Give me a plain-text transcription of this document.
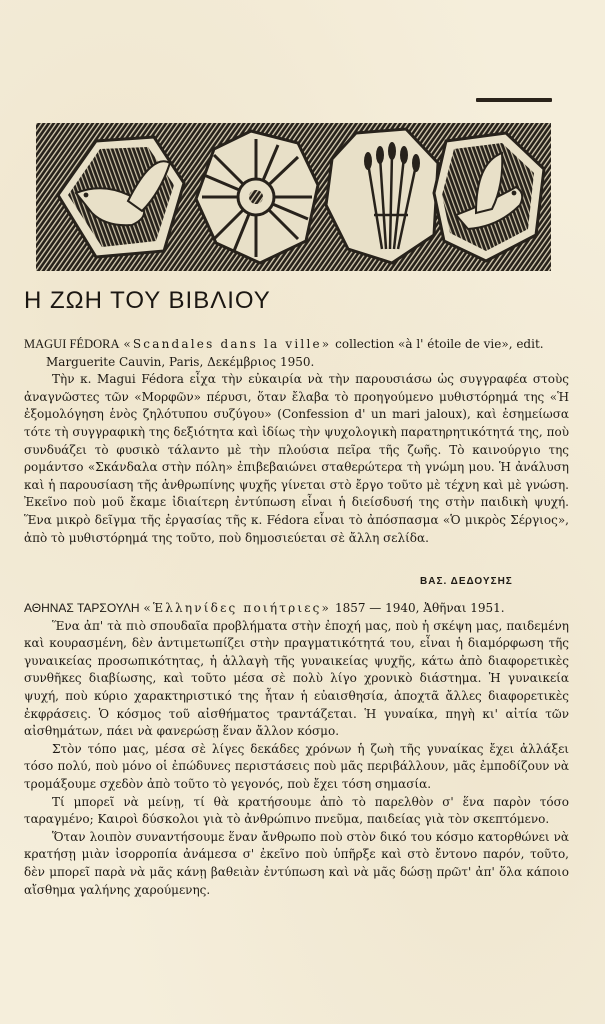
Η ΖΩΗ ΤΟΥ ΒΙΒΛΙΟΥ

MAGUI FÉDORA «Scandales dans la ville» collection «à l' étoile de vie», edit. Marguerite Cauvin, Paris, Δεκέμβριος 1950.

Τὴν κ. Magui Fédora εἶχα τὴν εὐκαιρία νὰ τὴν παρουσιάσω ὡς συγγραφέα στοὺς ἀναγνῶστες τῶν «Μορφῶν» πέρυσι, ὅταν ἔλαβα τὸ προηγούμενο μυθιστόρημά της «Ἡ ἐξομολόγηση ἑνὸς ζηλότυπου συζύγου» (Confession d' un mari jaloux), καὶ ἐσημείωσα τότε τὴ συγγραφικὴ της δεξιότητα καὶ ἰδίως τὴν ψυχολογικὴ παρατηρητικότητά της, ποὺ συνδυάζει τὸ φυσικὸ τάλαντο μὲ τὴν πλούσια πεῖρα τῆς ζωῆς. Τὸ καινούργιο της ρομάντσο «Σκάνδαλα στὴν πόλη» ἐπιβεβαιώνει σταθερώτερα τὴ γνώμη μου. Ἡ ἀνάλυση καὶ ἡ παρουσίαση τῆς ἀνθρωπίνης ψυχῆς γίνεται στὸ ἔργο τοῦτο μὲ τέχνη καὶ μὲ γνώση. Ἐκεῖνο ποὺ μοῦ ἔκαμε ἰδιαίτερη ἐντύπωση εἶναι ἡ διείσδυσή της στὴν παιδικὴ ψυχή. Ἕνα μικρὸ δεῖγμα τῆς ἐργασίας τῆς κ. Fédora εἶναι τὸ ἀπόσπασμα «Ὁ μικρὸς Σέργιος», ἀπὸ τὸ μυθιστόρημά της τοῦτο, ποὺ δημοσιεύεται σὲ ἄλλη σελίδα.

ΒΑΣ. ΔΕΔΟΥΣΗΣ

ΑΘΗΝΑΣ ΤΑΡΣΟΥΛΗ «Ἑλληνίδες ποιήτριες» 1857 — 1940, Ἀθῆναι 1951.

Ἕνα ἀπ' τὰ πιὸ σπουδαῖα προβλήματα στὴν ἐποχή μας, ποὺ ἡ σκέψη μας, παιδεμένη καὶ κουρασμένη, δὲν ἀντιμετωπίζει στὴν πραγματικότητά του, εἶναι ἡ διαμόρφωση τῆς γυναικείας προσωπικότητας, ἡ ἀλλαγὴ τῆς γυναικείας ψυχῆς, κάτω ἀπὸ διαφορετικὲς συνθῆκες διαβίωσης, καὶ τοῦτο μέσα σὲ πολὺ λίγο χρονικὸ διάστημα. Ἡ γυναικεία ψυχή, ποὺ κύριο χαρακτηριστικό της ἦταν ἡ εὐαισθησία, ἀποχτᾶ ἄλλες διαφορετικὲς ἐκφράσεις. Ὁ κόσμος τοῦ αἰσθήματος τραντάζεται. Ἡ γυναίκα, πηγὴ κι' αἰτία τῶν αἰσθημάτων, πάει νὰ φανερώσῃ ἕναν ἄλλον κόσμο.

Στὸν τόπο μας, μέσα σὲ λίγες δεκάδες χρόνων ἡ ζωὴ τῆς γυναίκας ἔχει ἀλλάξει τόσο πολύ, ποὺ μόνο οἱ ἐπώδυνες περιστάσεις ποὺ μᾶς περιβάλλουν, μᾶς ἐμποδίζουν νὰ τρομάξουμε σχεδὸν ἀπὸ τοῦτο τὸ γεγονός, ποὺ ἔχει τόση σημασία.

Τί μπορεῖ νὰ μείνῃ, τί θὰ κρατήσουμε ἀπὸ τὸ παρελθὸν σ' ἕνα παρὸν τόσο ταραγμένο; Καιροὶ δύσκολοι γιὰ τὸ ἀνθρώπινο πνεῦμα, παιδείας γιὰ τὸν σκεπτόμενο.

Ὅταν λοιπὸν συναντήσουμε ἕναν ἄνθρωπο ποὺ στὸν δικό του κόσμο κατορθώνει νὰ κρατήσῃ μιὰν ἰσορροπία ἀνάμεσα σ' ἐκεῖνο ποὺ ὑπῆρξε καὶ στὸ ἔντονο παρόν, τοῦτο, δὲν μπορεῖ παρὰ νὰ μᾶς κάνῃ βαθειὰν ἐντύπωση καὶ νὰ μᾶς δώσῃ πρῶτ' ἀπ' ὅλα κάποιο αἴσθημα γαλήνης χαρούμενης.
